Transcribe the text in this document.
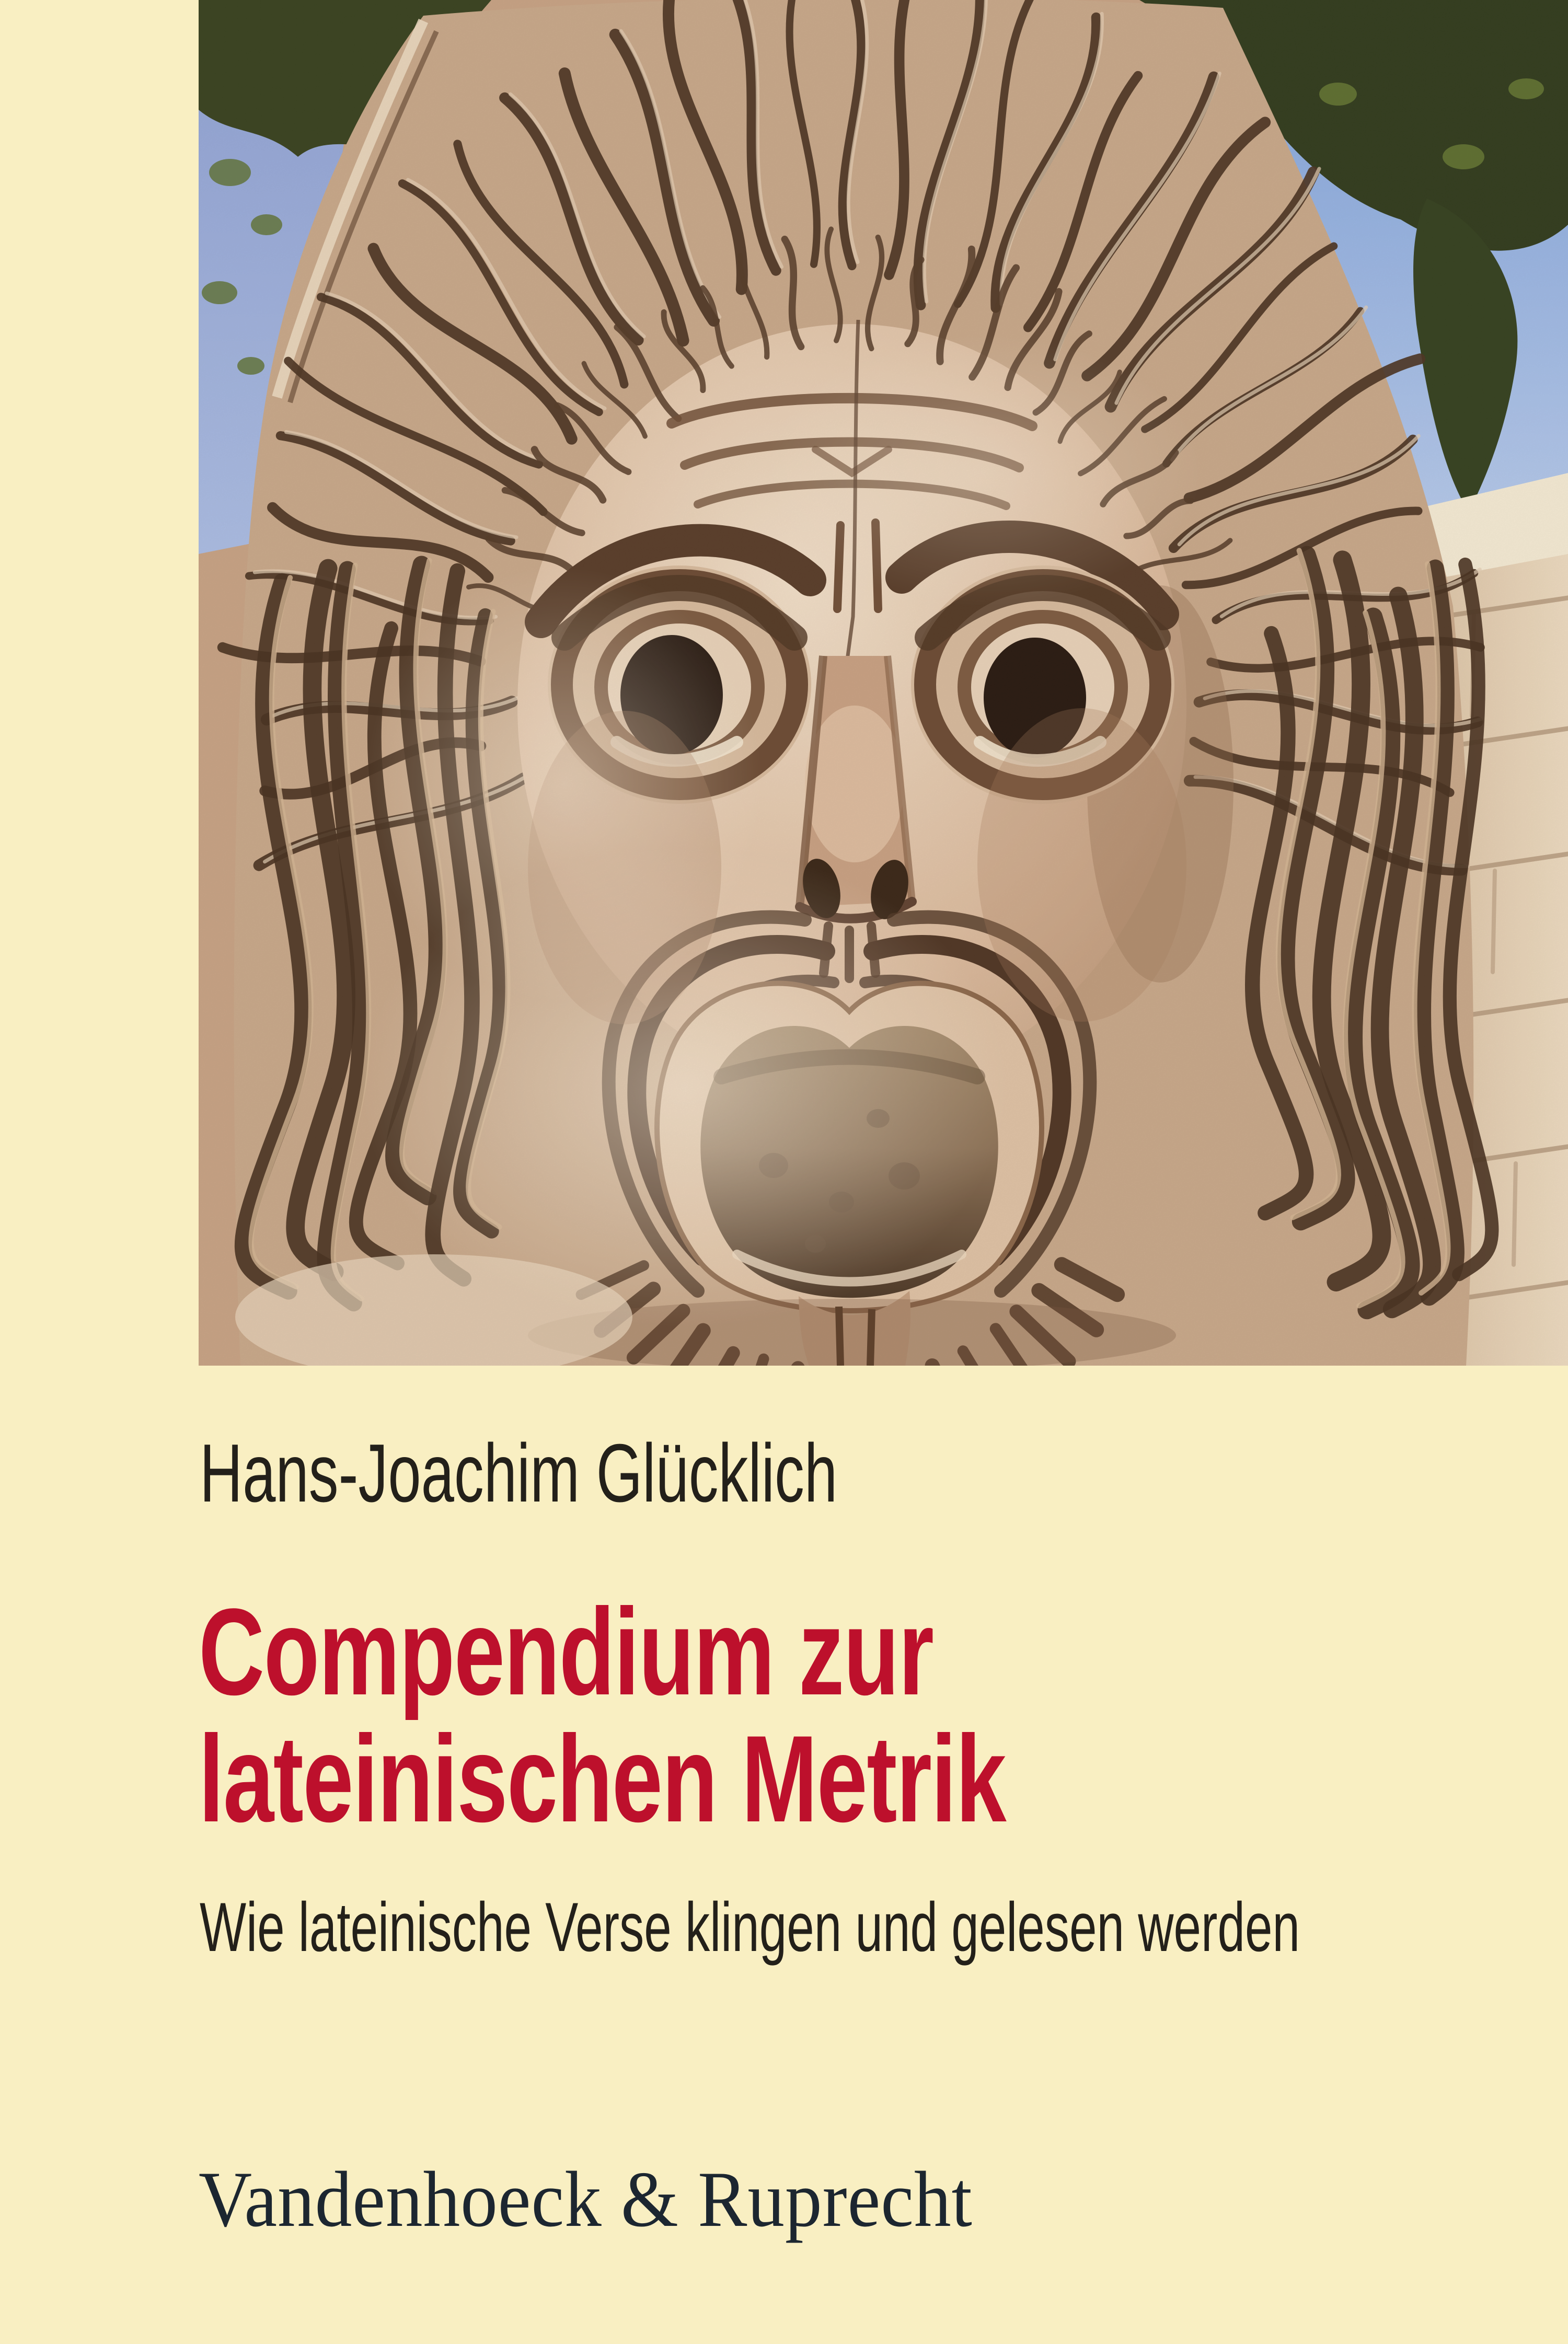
Hans-Joachim Glücklich
Compendium zur
lateinischen Metrik
Wie lateinische Verse klingen und gelesen werden
Vandenhoeck & Ruprecht
